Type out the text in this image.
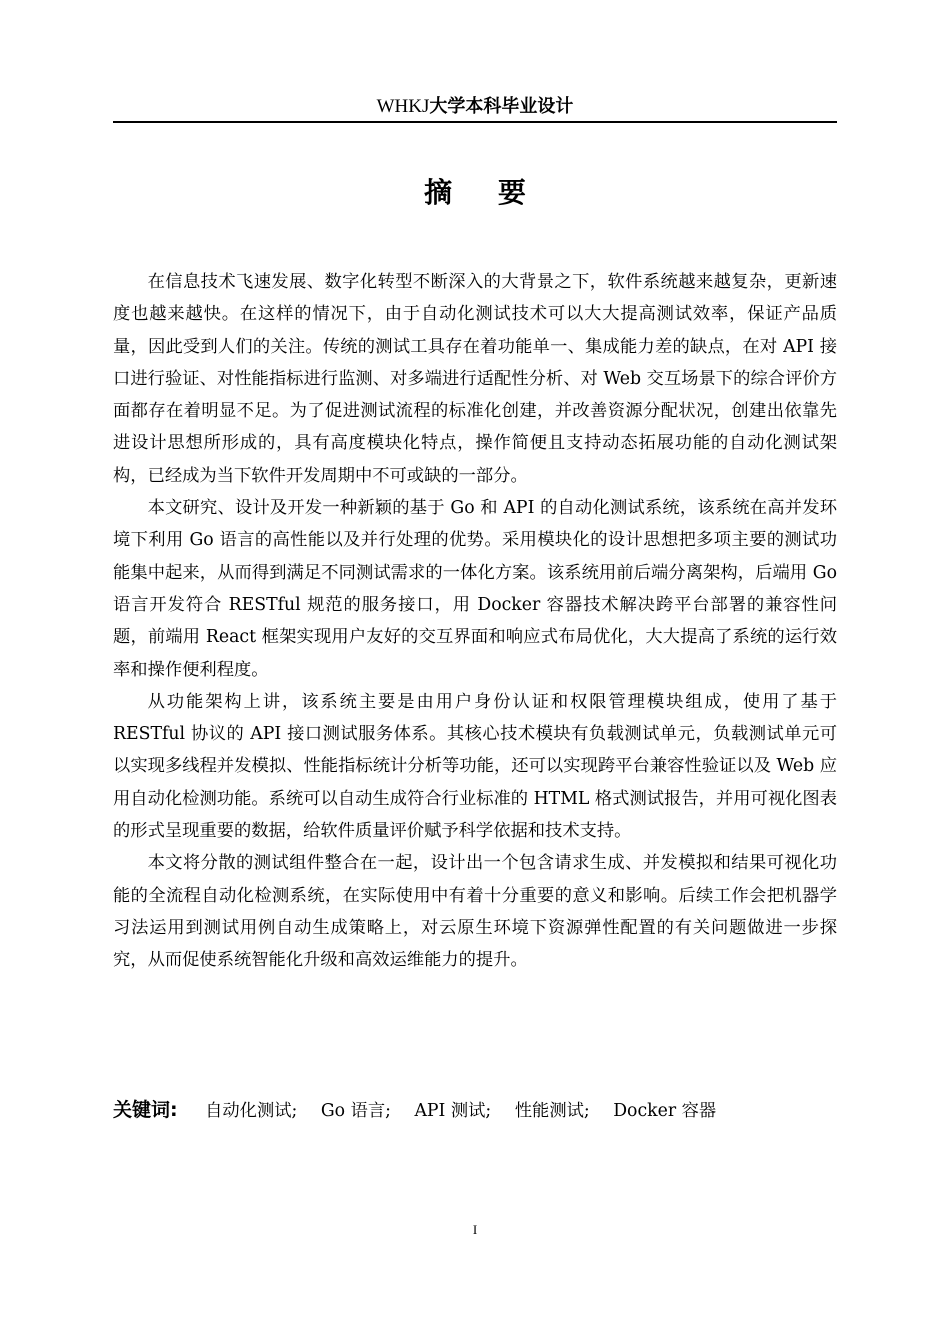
WHKJ大学本科毕业设计
摘 要

在信息技术飞速发展、数字化转型不断深入的大背景之下，软件系统越来越复杂，更新速度也越来越快。在这样的情况下，由于自动化测试技术可以大大提高测试效率，保证产品质量，因此受到人们的关注。传统的测试工具存在着功能单一、集成能力差的缺点，在对 API 接口进行验证、对性能指标进行监测、对多端进行适配性分析、对 Web 交互场景下的综合评价方面都存在着明显不足。为了促进测试流程的标准化创建，并改善资源分配状况，创建出依靠先进设计思想所形成的，具有高度模块化特点，操作简便且支持动态拓展功能的自动化测试架构，已经成为当下软件开发周期中不可或缺的一部分。

本文研究、设计及开发一种新颖的基于 Go 和 API 的自动化测试系统，该系统在高并发环境下利用 Go 语言的高性能以及并行处理的优势。采用模块化的设计思想把多项主要的测试功能集中起来，从而得到满足不同测试需求的一体化方案。该系统用前后端分离架构，后端用 Go 语言开发符合 RESTful 规范的服务接口，用 Docker 容器技术解决跨平台部署的兼容性问题，前端用 React 框架实现用户友好的交互界面和响应式布局优化，大大提高了系统的运行效率和操作便利程度。

从功能架构上讲，该系统主要是由用户身份认证和权限管理模块组成，使用了基于 RESTful 协议的 API 接口测试服务体系。其核心技术模块有负载测试单元，负载测试单元可以实现多线程并发模拟、性能指标统计分析等功能，还可以实现跨平台兼容性验证以及 Web 应用自动化检测功能。系统可以自动生成符合行业标准的 HTML 格式测试报告，并用可视化图表的形式呈现重要的数据，给软件质量评价赋予科学依据和技术支持。

本文将分散的测试组件整合在一起，设计出一个包含请求生成、并发模拟和结果可视化功能的全流程自动化检测系统，在实际使用中有着十分重要的意义和影响。后续工作会把机器学习法运用到测试用例自动生成策略上，对云原生环境下资源弹性配置的有关问题做进一步探究，从而促使系统智能化升级和高效运维能力的提升。

关键词: 自动化测试; Go 语言; API 测试; 性能测试; Docker 容器
I
